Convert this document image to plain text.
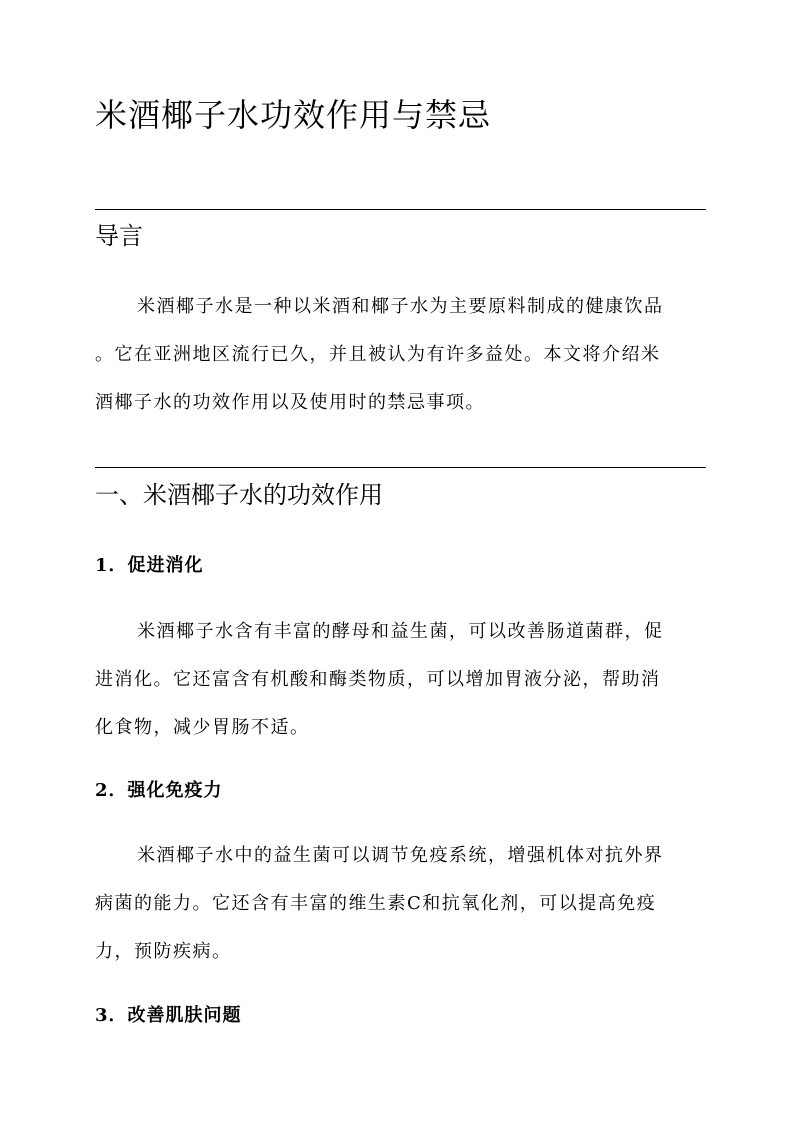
米酒椰子水功效作用与禁忌
导言
米酒椰子水是一种以米酒和椰子水为主要原料制成的健康饮品
。它在亚洲地区流行已久，并且被认为有许多益处。本文将介绍米
酒椰子水的功效作用以及使用时的禁忌事项。
一、米酒椰子水的功效作用
1．促进消化
米酒椰子水含有丰富的酵母和益生菌，可以改善肠道菌群，促
进消化。它还富含有机酸和酶类物质，可以增加胃液分泌，帮助消
化食物，减少胃肠不适。
2．强化免疫力
米酒椰子水中的益生菌可以调节免疫系统，增强机体对抗外界
病菌的能力。它还含有丰富的维生素C和抗氧化剂，可以提高免疫
力，预防疾病。
3．改善肌肤问题
